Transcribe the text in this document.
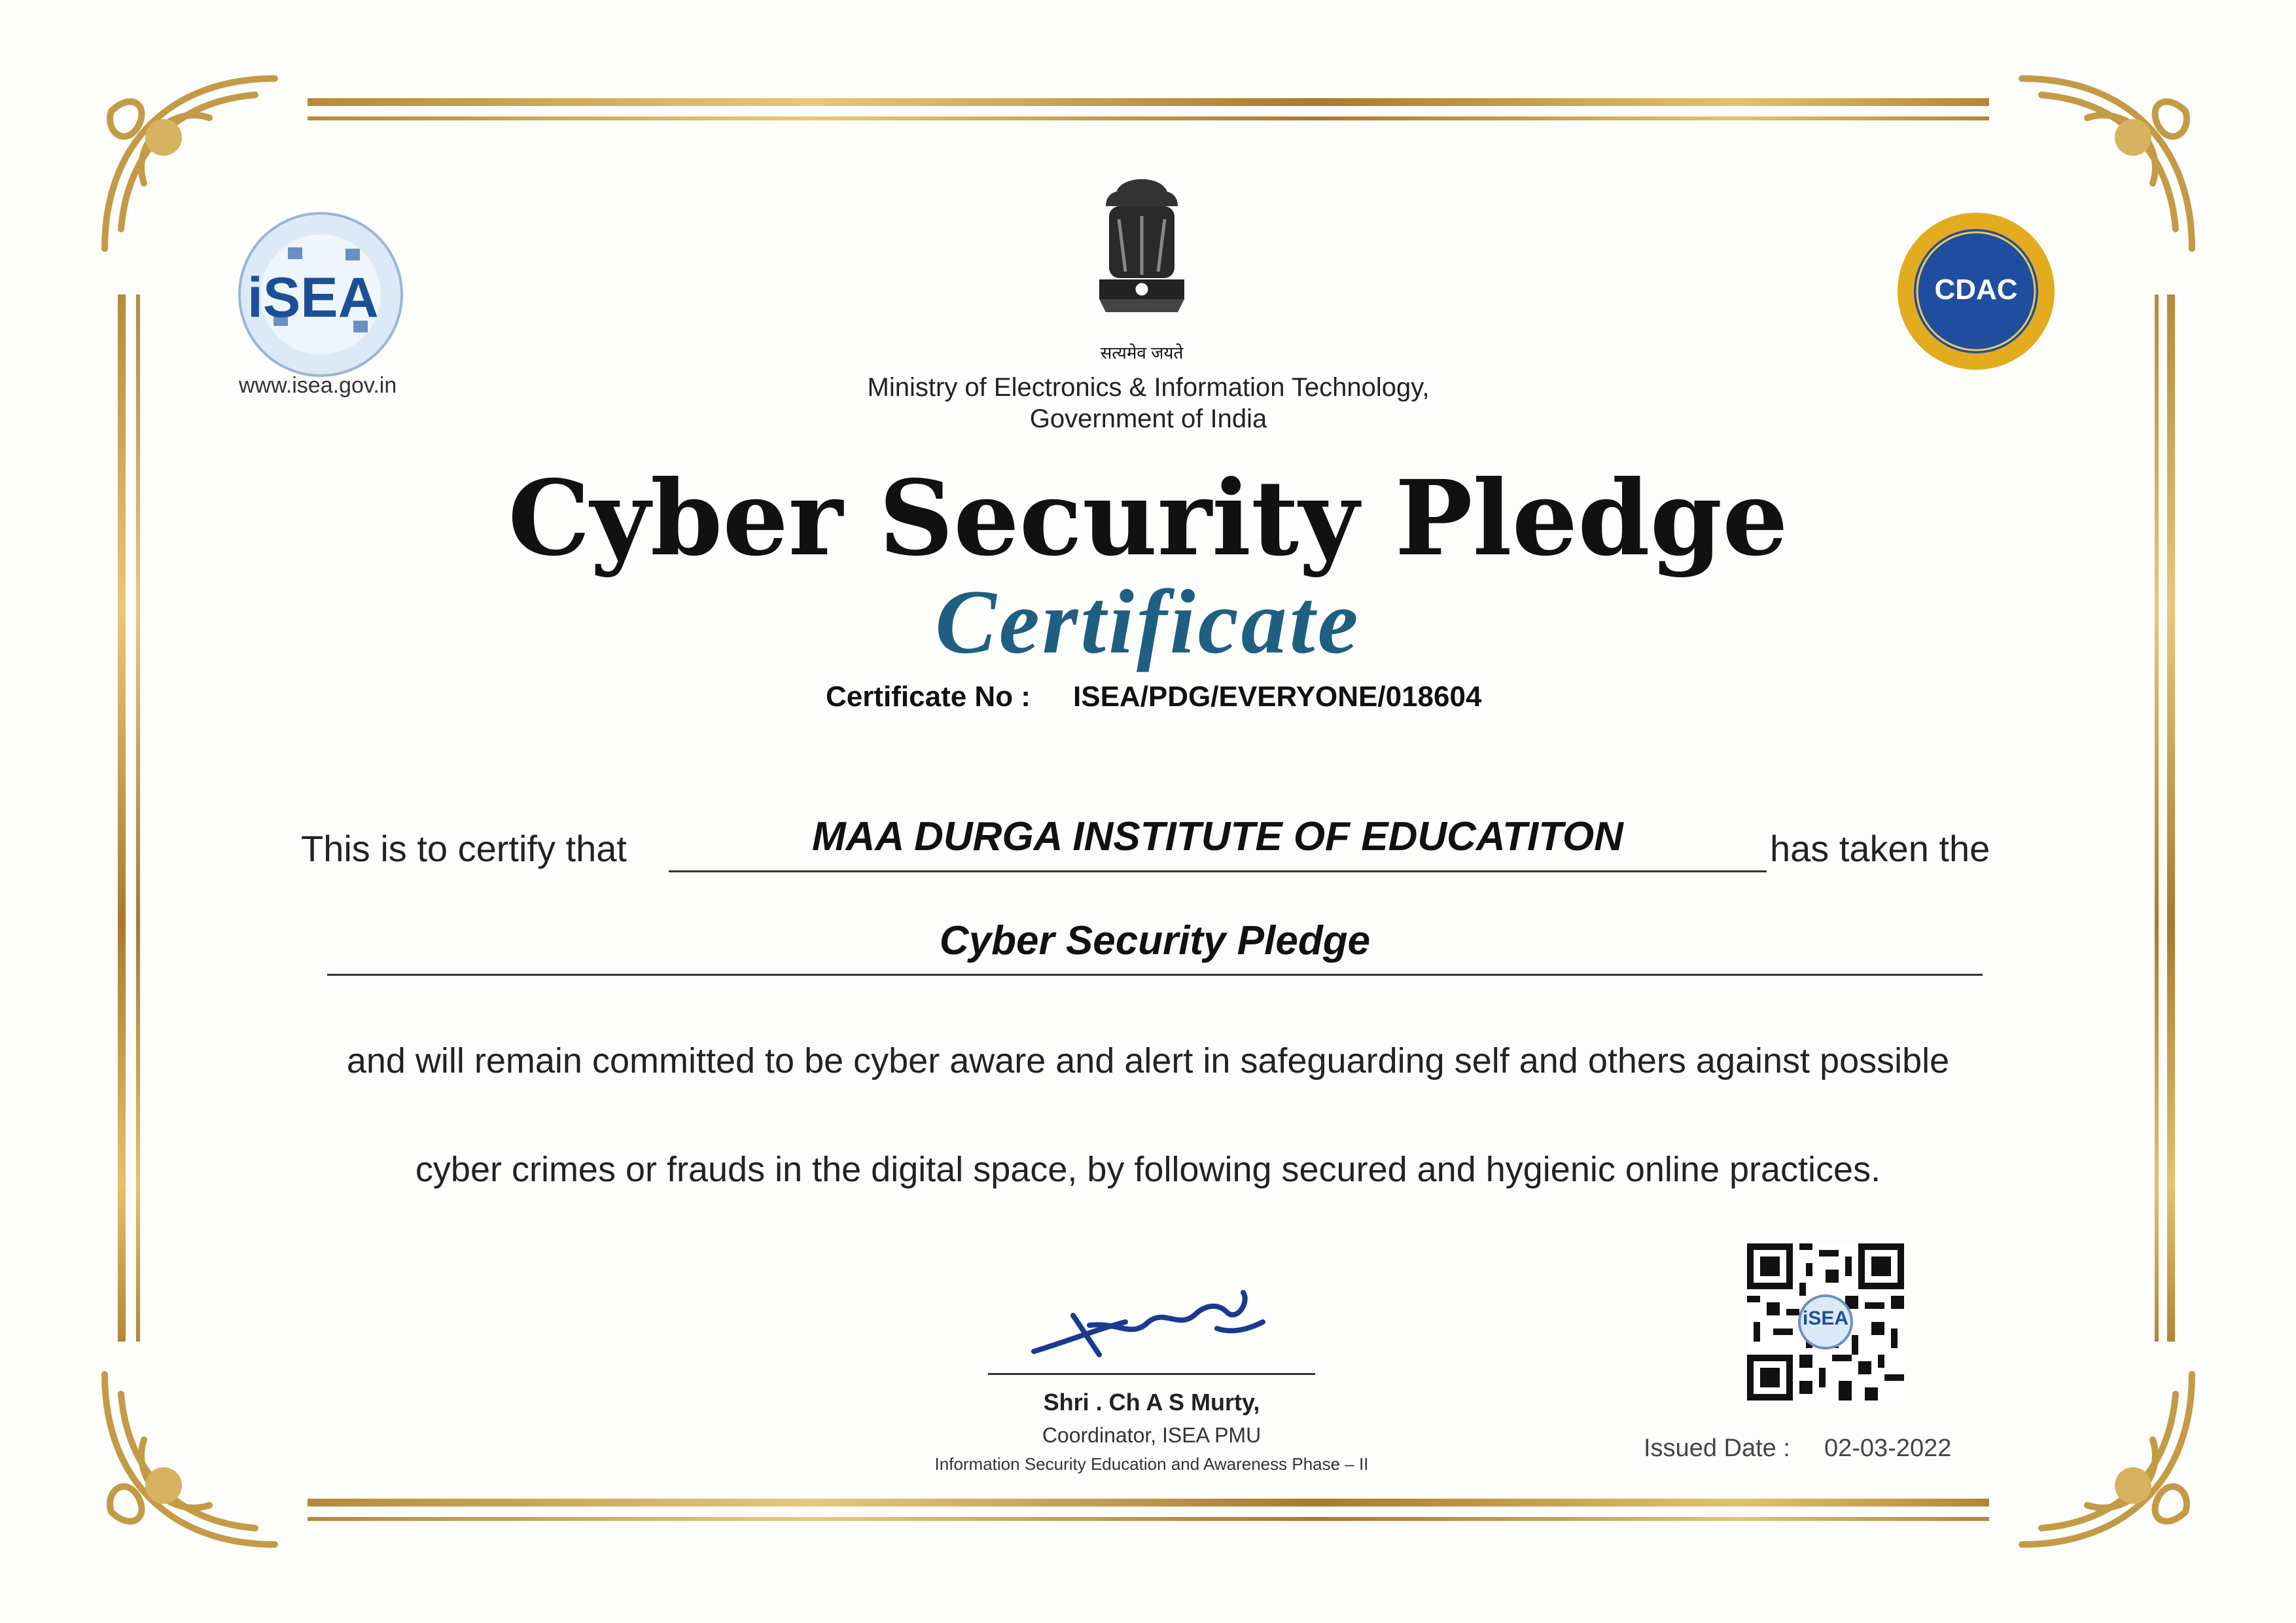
iSEA
www.isea.gov.in
सत्यमेव जयते
Ministry of Electronics & Information Technology,
Government of India
CDAC
Cyber Security Pledge
Certificate
Certificate No : ISEA/PDG/EVERYONE/018604
This is to certify that	MAA DURGA INSTITUTE OF EDUCATITON	has taken the
Cyber Security Pledge
and will remain committed to be cyber aware and alert in safeguarding self and others against possible
cyber crimes or frauds in the digital space, by following secured and hygienic online practices.
Shri . Ch A S Murty,
Coordinator, ISEA PMU
Information Security Education and Awareness Phase – II
iSEA
Issued Date : 02-03-2022
